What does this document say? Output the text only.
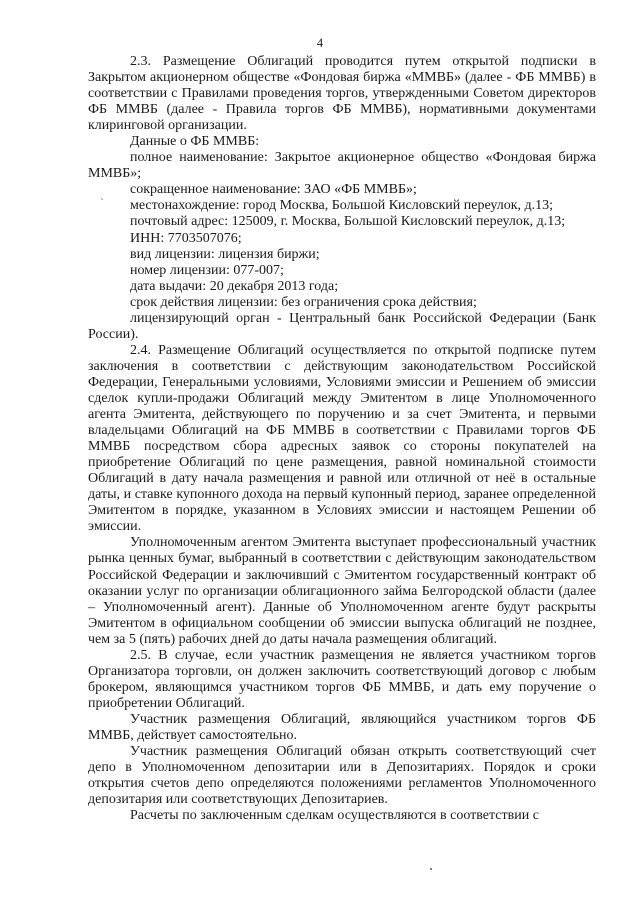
4
ˋ

2.3. Размещение Облигаций проводится путем открытой подписки в Закрытом акционерном обществе «Фондовая биржа «ММВБ» (далее - ФБ ММВБ) в соответствии с Правилами проведения торгов, утвержденными Советом директоров ФБ ММВБ (далее - Правила торгов ФБ ММВБ), нормативными документами клиринговой организации.

Данные о ФБ ММВБ:

полное наименование: Закрытое акционерное общество «Фондовая биржа ММВБ»;

сокращенное наименование: ЗАО «ФБ ММВБ»;

местонахождение: город Москва, Большой Кисловский переулок, д.13;

почтовый адрес: 125009, г. Москва, Большой Кисловский переулок, д.13;

ИНН: 7703507076;

вид лицензии: лицензия биржи;

номер лицензии: 077-007;

дата выдачи: 20 декабря 2013 года;

срок действия лицензии: без ограничения срока действия;

лицензирующий орган - Центральный банк Российской Федерации (Банк России).

2.4. Размещение Облигаций осуществляется по открытой подписке путем заключения в соответствии с действующим законодательством Российской Федерации, Генеральными условиями, Условиями эмиссии и Решением об эмиссии сделок купли-продажи Облигаций между Эмитентом в лице Уполномоченного агента Эмитента, действующего по поручению и за счет Эмитента, и первыми владельцами Облигаций на ФБ ММВБ в соответствии с Правилами торгов ФБ ММВБ посредством сбора адресных заявок со стороны покупателей на приобретение Облигаций по цене размещения, равной номинальной стоимости Облигаций в дату начала размещения и равной или отличной от неё в остальные даты, и ставке купонного дохода на первый купонный период, заранее определенной Эмитентом в порядке, указанном в Условиях эмиссии и настоящем Решении об эмиссии.

Уполномоченным агентом Эмитента выступает профессиональный участник рынка ценных бумаг, выбранный в соответствии с действующим законодательством Российской Федерации и заключивший с Эмитентом государственный контракт об оказании услуг по организации облигационного займа Белгородской области (далее – Уполномоченный агент). Данные об Уполномоченном агенте будут раскрыты Эмитентом в официальном сообщении об эмиссии выпуска облигаций не позднее, чем за 5 (пять) рабочих дней до даты начала размещения облигаций.

2.5. В случае, если участник размещения не является участником торгов Организатора торговли, он должен заключить соответствующий договор с любым брокером, являющимся участником торгов ФБ ММВБ, и дать ему поручение о приобретении Облигаций.

Участник размещения Облигаций, являющийся участником торгов ФБ ММВБ, действует самостоятельно.

Участник размещения Облигаций обязан открыть соответствующий счет депо в Уполномоченном депозитарии или в Депозитариях. Порядок и сроки открытия счетов депо определяются положениями регламентов Уполномоченного депозитария или соответствующих Депозитариев.

Расчеты по заключенным сделкам осуществляются в соответствии с
